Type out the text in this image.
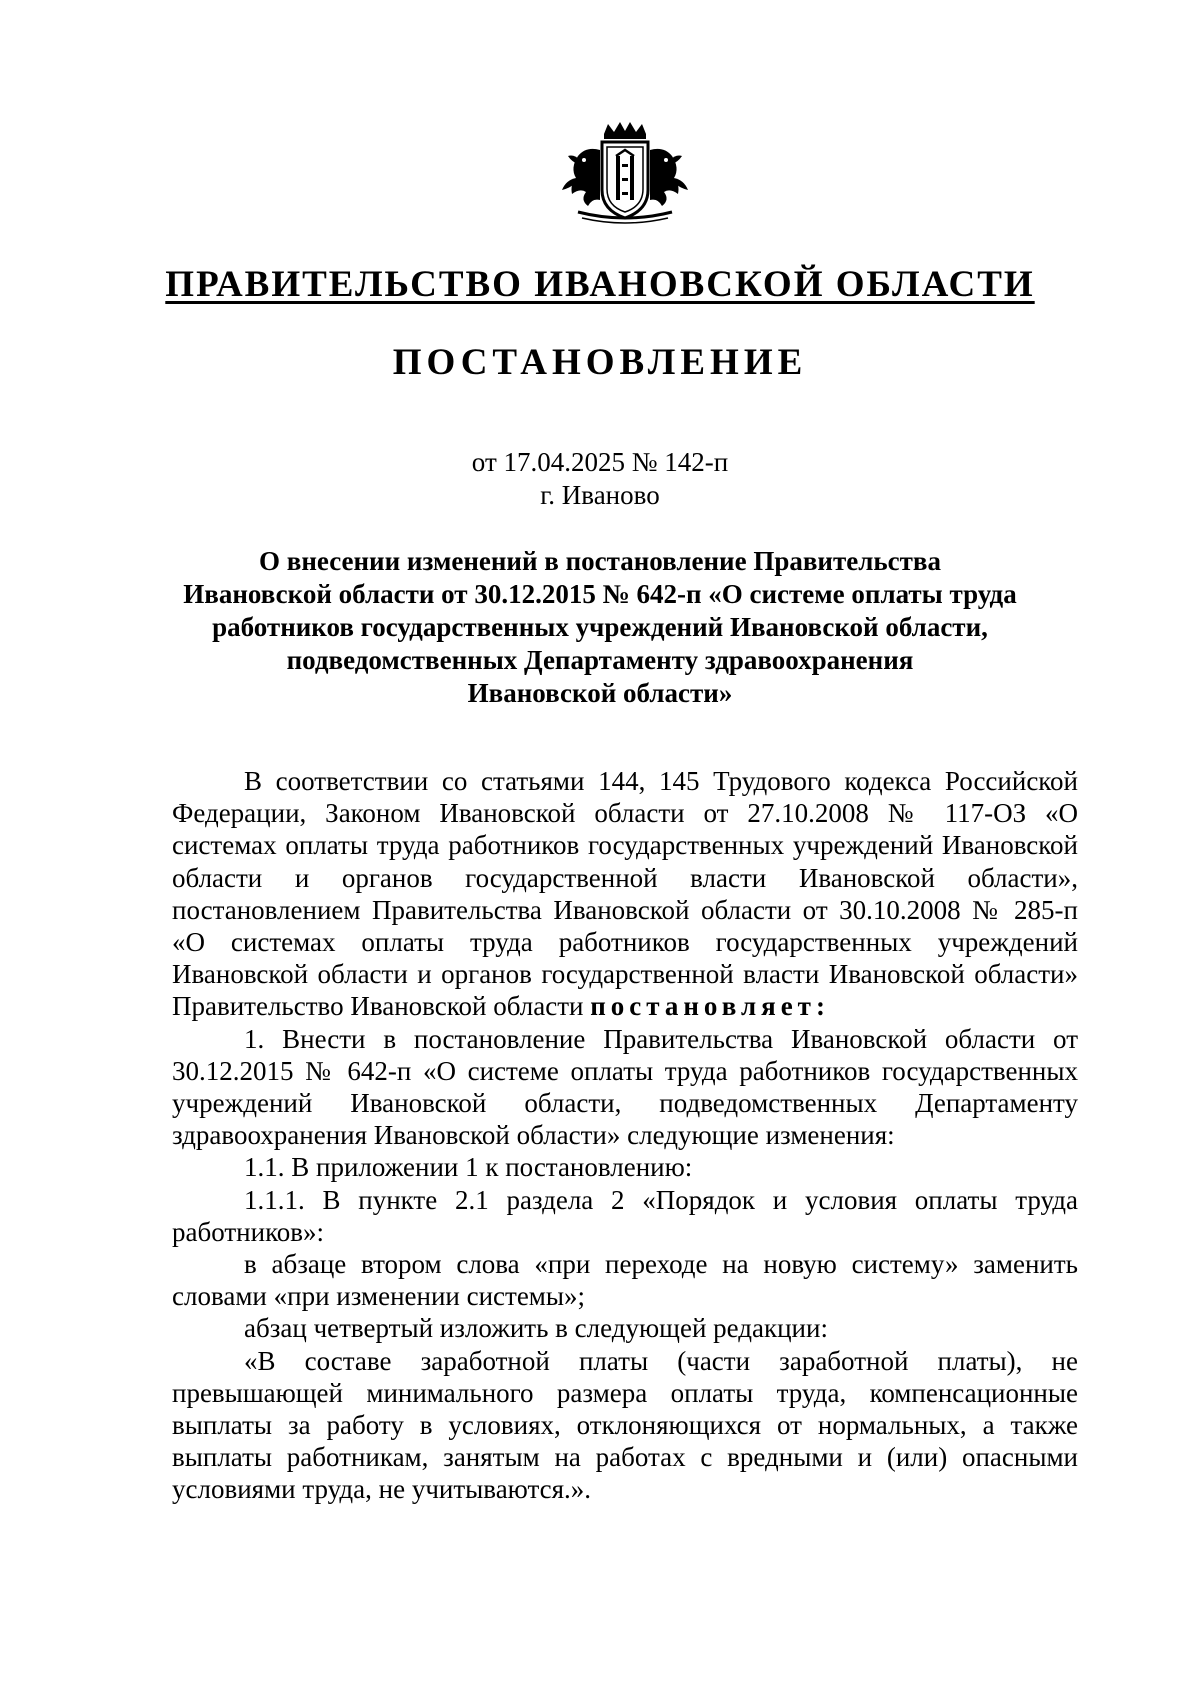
ПРАВИТЕЛЬСТВО ИВАНОВСКОЙ ОБЛАСТИ
ПОСТАНОВЛЕНИЕ
от 17.04.2025 № 142-п
г. Иваново
О внесении изменений в постановление Правительства
Ивановской области от 30.12.2015 № 642-п «О системе оплаты труда
работников государственных учреждений Ивановской области,
подведомственных Департаменту здравоохранения
Ивановской области»

В соответствии со статьями 144, 145 Трудового кодекса Российской Федерации, Законом Ивановской области от 27.10.2008 № 117-ОЗ «О системах оплаты труда работников государственных учреждений Ивановской области и органов государственной власти Ивановской области», постановлением Правительства Ивановской области от 30.10.2008 № 285-п «О системах оплаты труда работников государственных учреждений Ивановской области и органов государственной власти Ивановской области» Правительство Ивановской области постановляет:

1. Внести в постановление Правительства Ивановской области от 30.12.2015 № 642-п «О системе оплаты труда работников государственных учреждений Ивановской области, подведомственных Департаменту здравоохранения Ивановской области» следующие изменения:

1.1. В приложении 1 к постановлению:

1.1.1. В пункте 2.1 раздела 2 «Порядок и условия оплаты труда работников»:

в абзаце втором слова «при переходе на новую систему» заменить словами «при изменении системы»;

абзац четвертый изложить в следующей редакции:

«В составе заработной платы (части заработной платы), не превышающей минимального размера оплаты труда, компенсационные выплаты за работу в условиях, отклоняющихся от нормальных, а также выплаты работникам, занятым на работах с вредными и (или) опасными условиями труда, не учитываются.».
